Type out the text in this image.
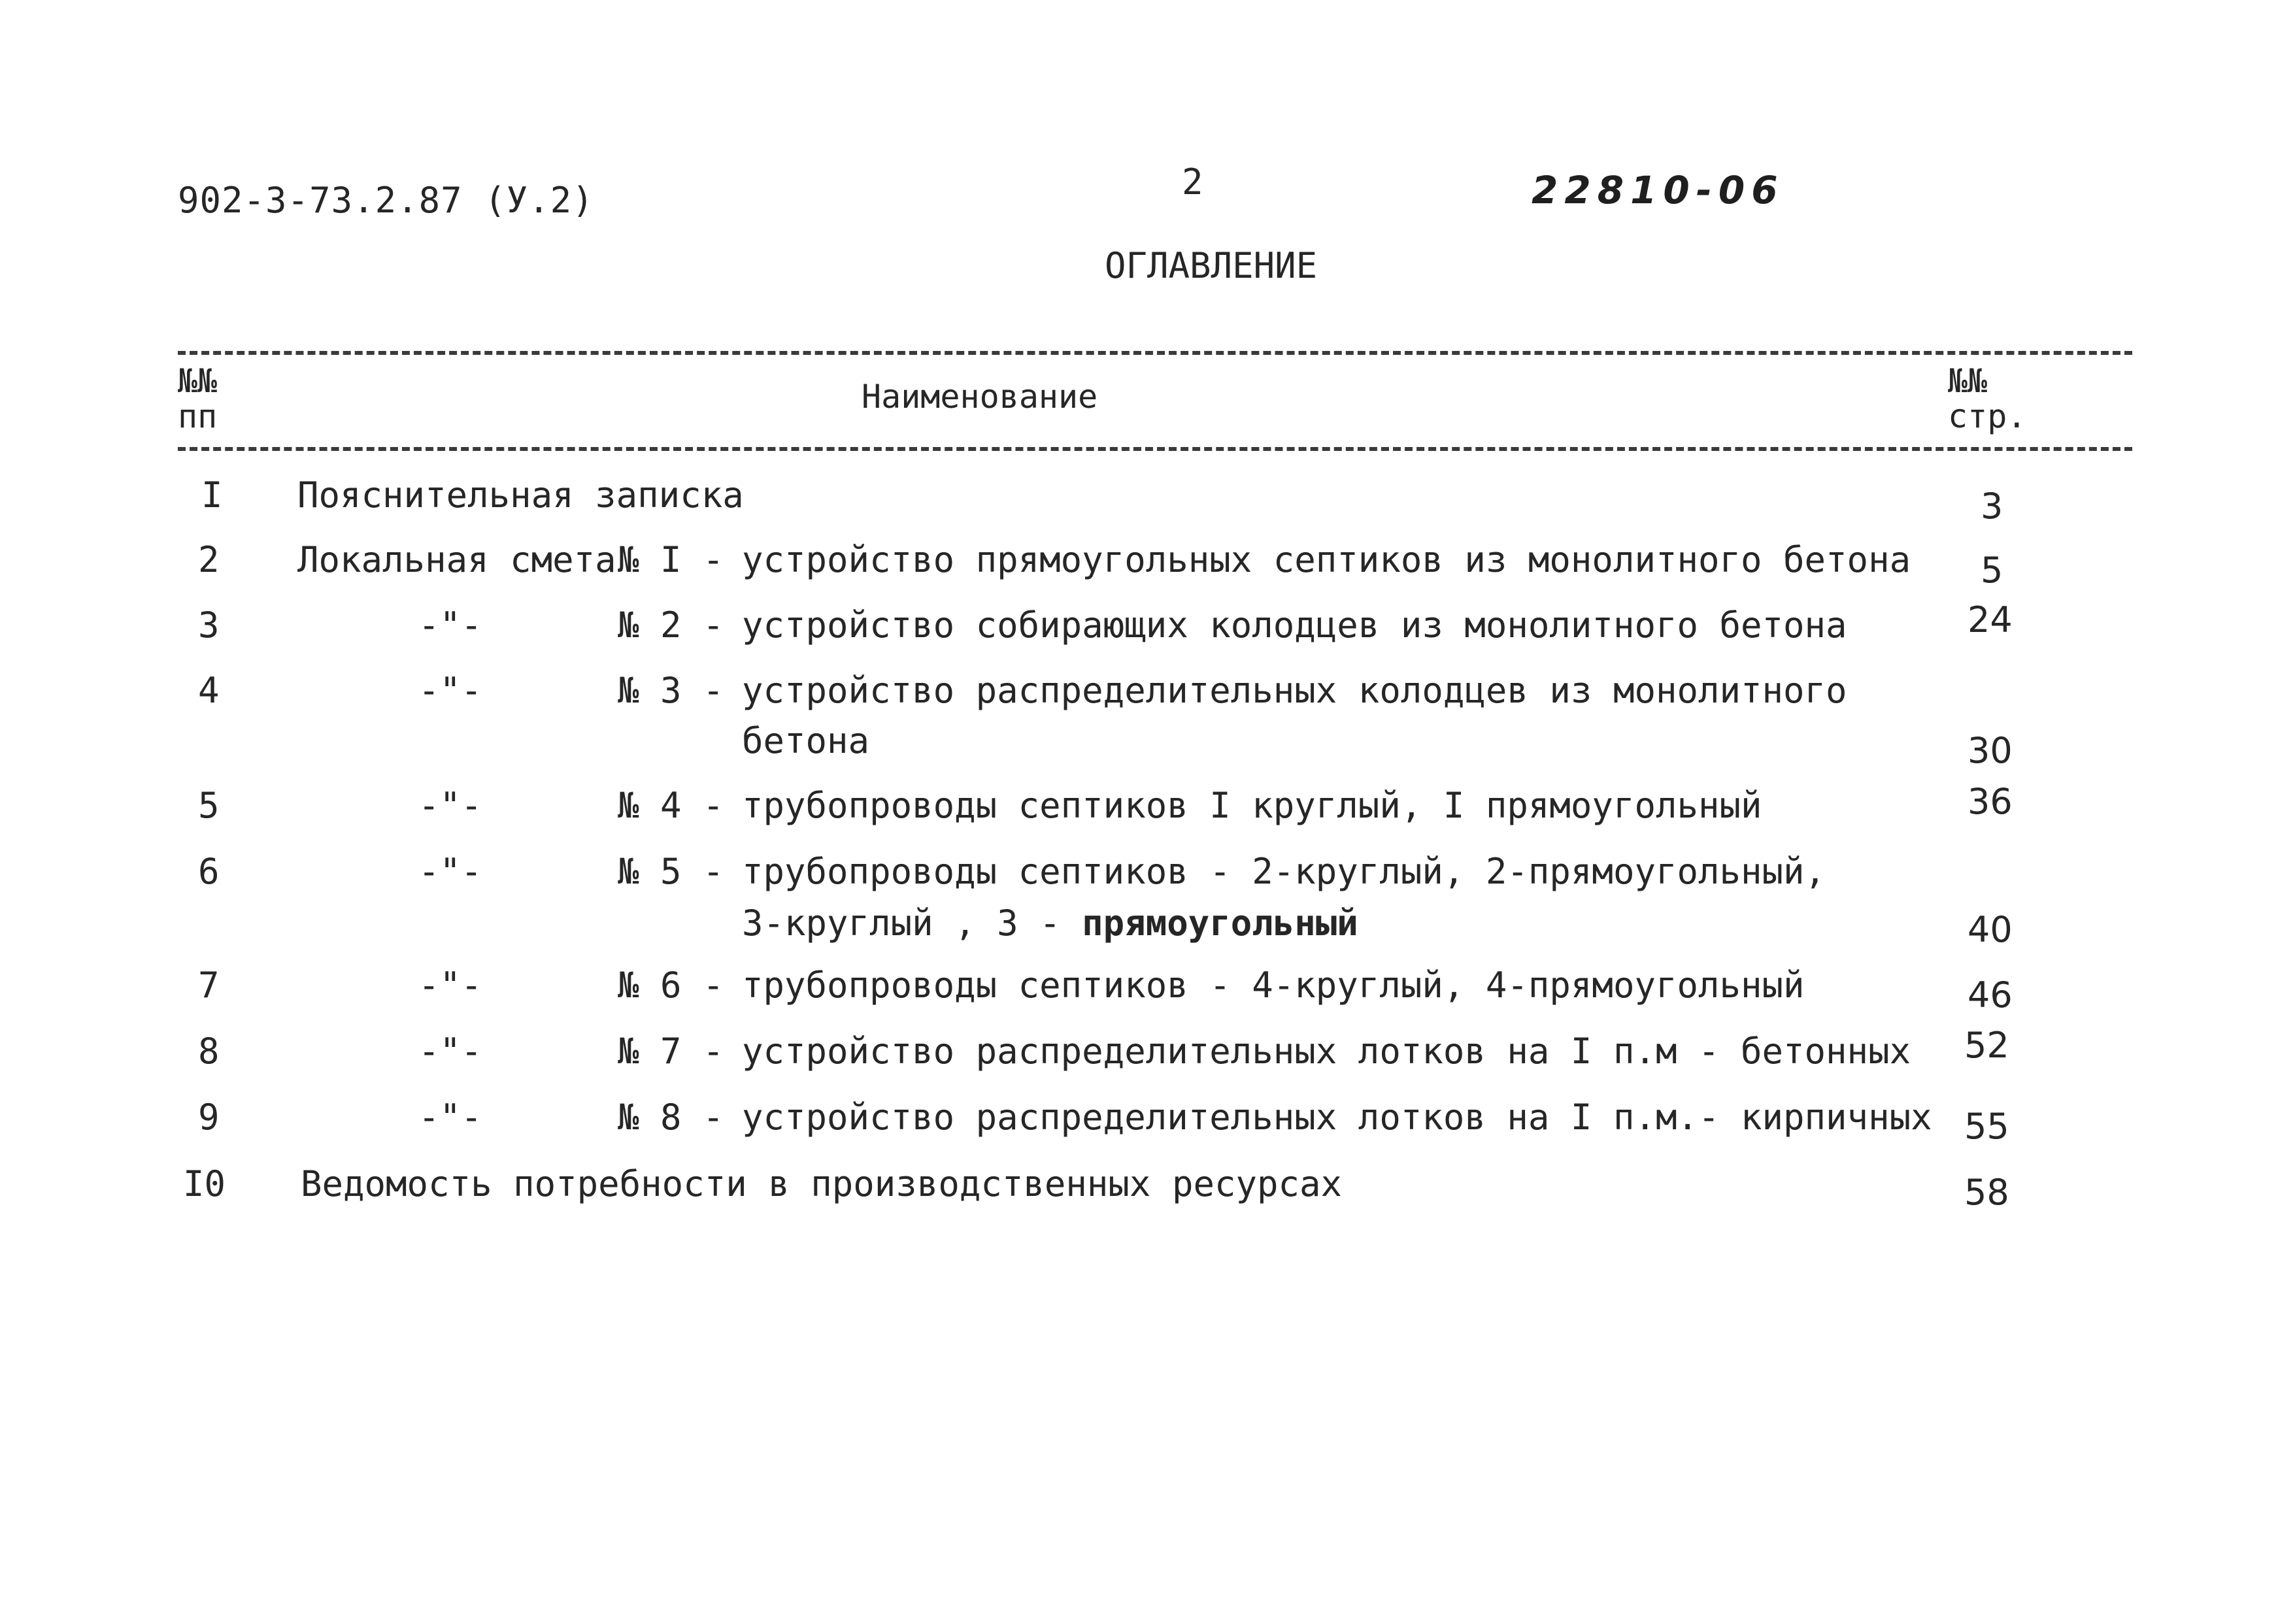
902-3-73.2.87 (У.2)	2	22810-06
ОГЛАВЛЕНИЕ
№№
пп
Наименование	№№
стр.
I Пояснительная записка	3
2 Локальная смета № I - устройство прямоугольных септиков из монолитного бетона 5
3	-"-	№ 2 - устройство собирающих колодцев из монолитного бетона	24
4	-"-	№ 3 - устройство распределительных колодцев из монолитного
бетона	30
5	-"-	№ 4 - трубопроводы септиков I круглый, I прямоугольный	36
6	-"-	№ 5 - трубопроводы септиков - 2-круглый, 2-прямоугольный,
3-круглый , 3 - прямоугольный	40
7	-"-	№ 6 - трубопроводы септиков - 4-круглый, 4-прямоугольный	46
8	-"-	№ 7 - устройство распределительных лотков на I п.м - бетонных 52
9	-"-	№ 8 - устройство распределительных лотков на I п.м.- кирпичных 55
I0 Ведомость потребности в производственных ресурсах	58
